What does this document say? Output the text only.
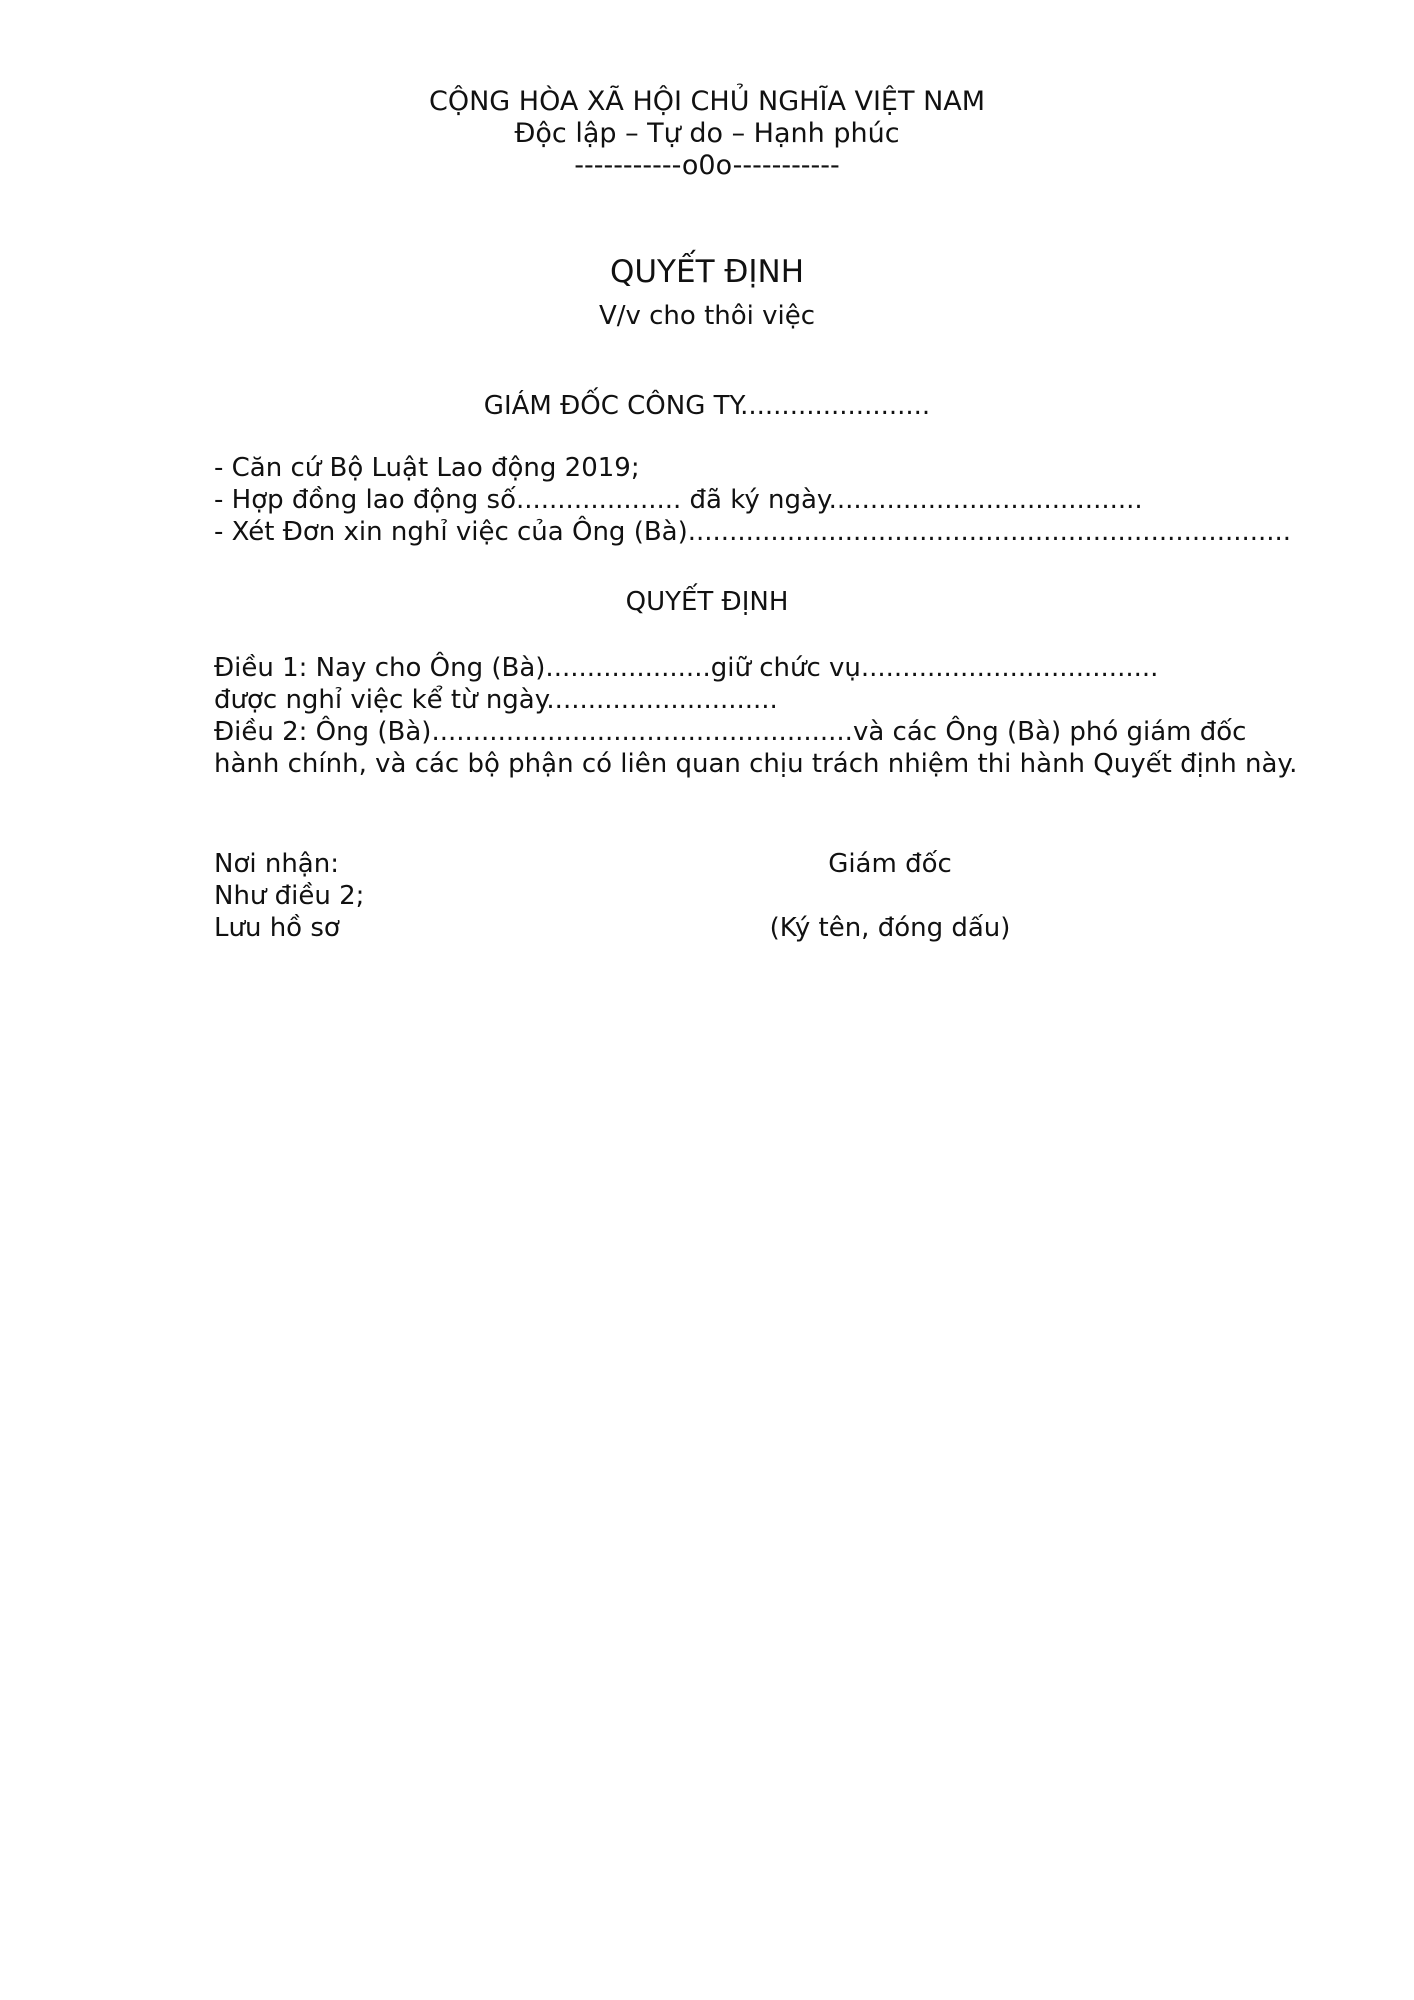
CỘNG HÒA XÃ HỘI CHỦ NGHĨA VIỆT NAM
Độc lập – Tự do – Hạnh phúc
-----------o0o-----------
QUYẾT ĐỊNH
V/v cho thôi việc
GIÁM ĐỐC CÔNG TY.......................
- Căn cứ Bộ Luật Lao động 2019;
- Hợp đồng lao động số.................... đã ký ngày......................................
- Xét Đơn xin nghỉ việc của Ông (Bà).........................................................................
QUYẾT ĐỊNH
Điều 1: Nay cho Ông (Bà)....................giữ chức vụ....................................
được nghỉ việc kể từ ngày............................
Điều 2: Ông (Bà)...................................................và các Ông (Bà) phó giám đốc
hành chính, và các bộ phận có liên quan chịu trách nhiệm thi hành Quyết định này.
Nơi nhận:
Như điều 2;
Lưu hồ sơ
Giám đốc
(Ký tên, đóng dấu)
